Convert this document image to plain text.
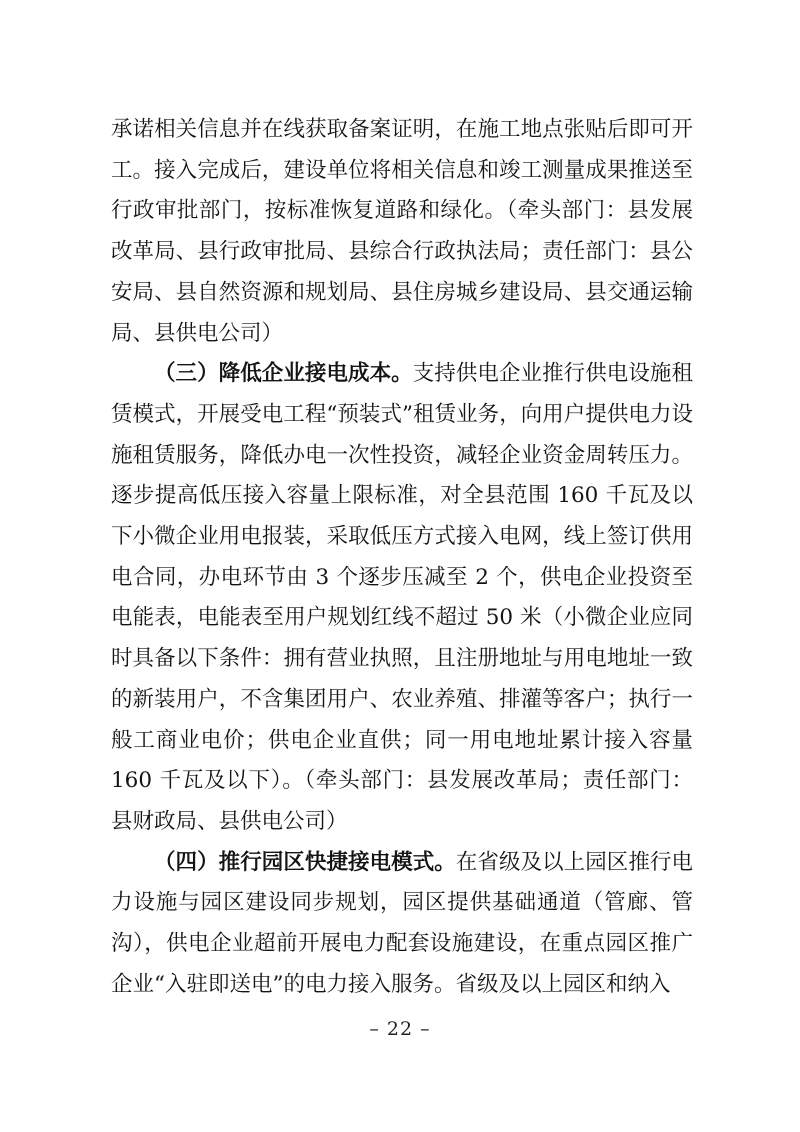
承诺相关信息并在线获取备案证明，在施工地点张贴后即可开工。接入完成后，建设单位将相关信息和竣工测量成果推送至行政审批部门，按标准恢复道路和绿化。（牵头部门：县发展改革局、县行政审批局、县综合行政执法局；责任部门：县公安局、县自然资源和规划局、县住房城乡建设局、县交通运输局、县供电公司）

（三）降低企业接电成本。支持供电企业推行供电设施租赁模式，开展受电工程“预装式”租赁业务，向用户提供电力设施租赁服务，降低办电一次性投资，减轻企业资金周转压力。逐步提高低压接入容量上限标准，对全县范围 160 千瓦及以下小微企业用电报装，采取低压方式接入电网，线上签订供用电合同，办电环节由 3 个逐步压减至 2 个，供电企业投资至电能表，电能表至用户规划红线不超过 50 米（小微企业应同时具备以下条件：拥有营业执照，且注册地址与用电地址一致的新装用户，不含集团用户、农业养殖、排灌等客户；执行一般工商业电价；供电企业直供；同一用电地址累计接入容量 160 千瓦及以下）。（牵头部门：县发展改革局；责任部门：县财政局、县供电公司）

（四）推行园区快捷接电模式。在省级及以上园区推行电力设施与园区建设同步规划，园区提供基础通道（管廊、管沟），供电企业超前开展电力配套设施建设，在重点园区推广企业“入驻即送电”的电力接入服务。省级及以上园区和纳入

– 22 –
